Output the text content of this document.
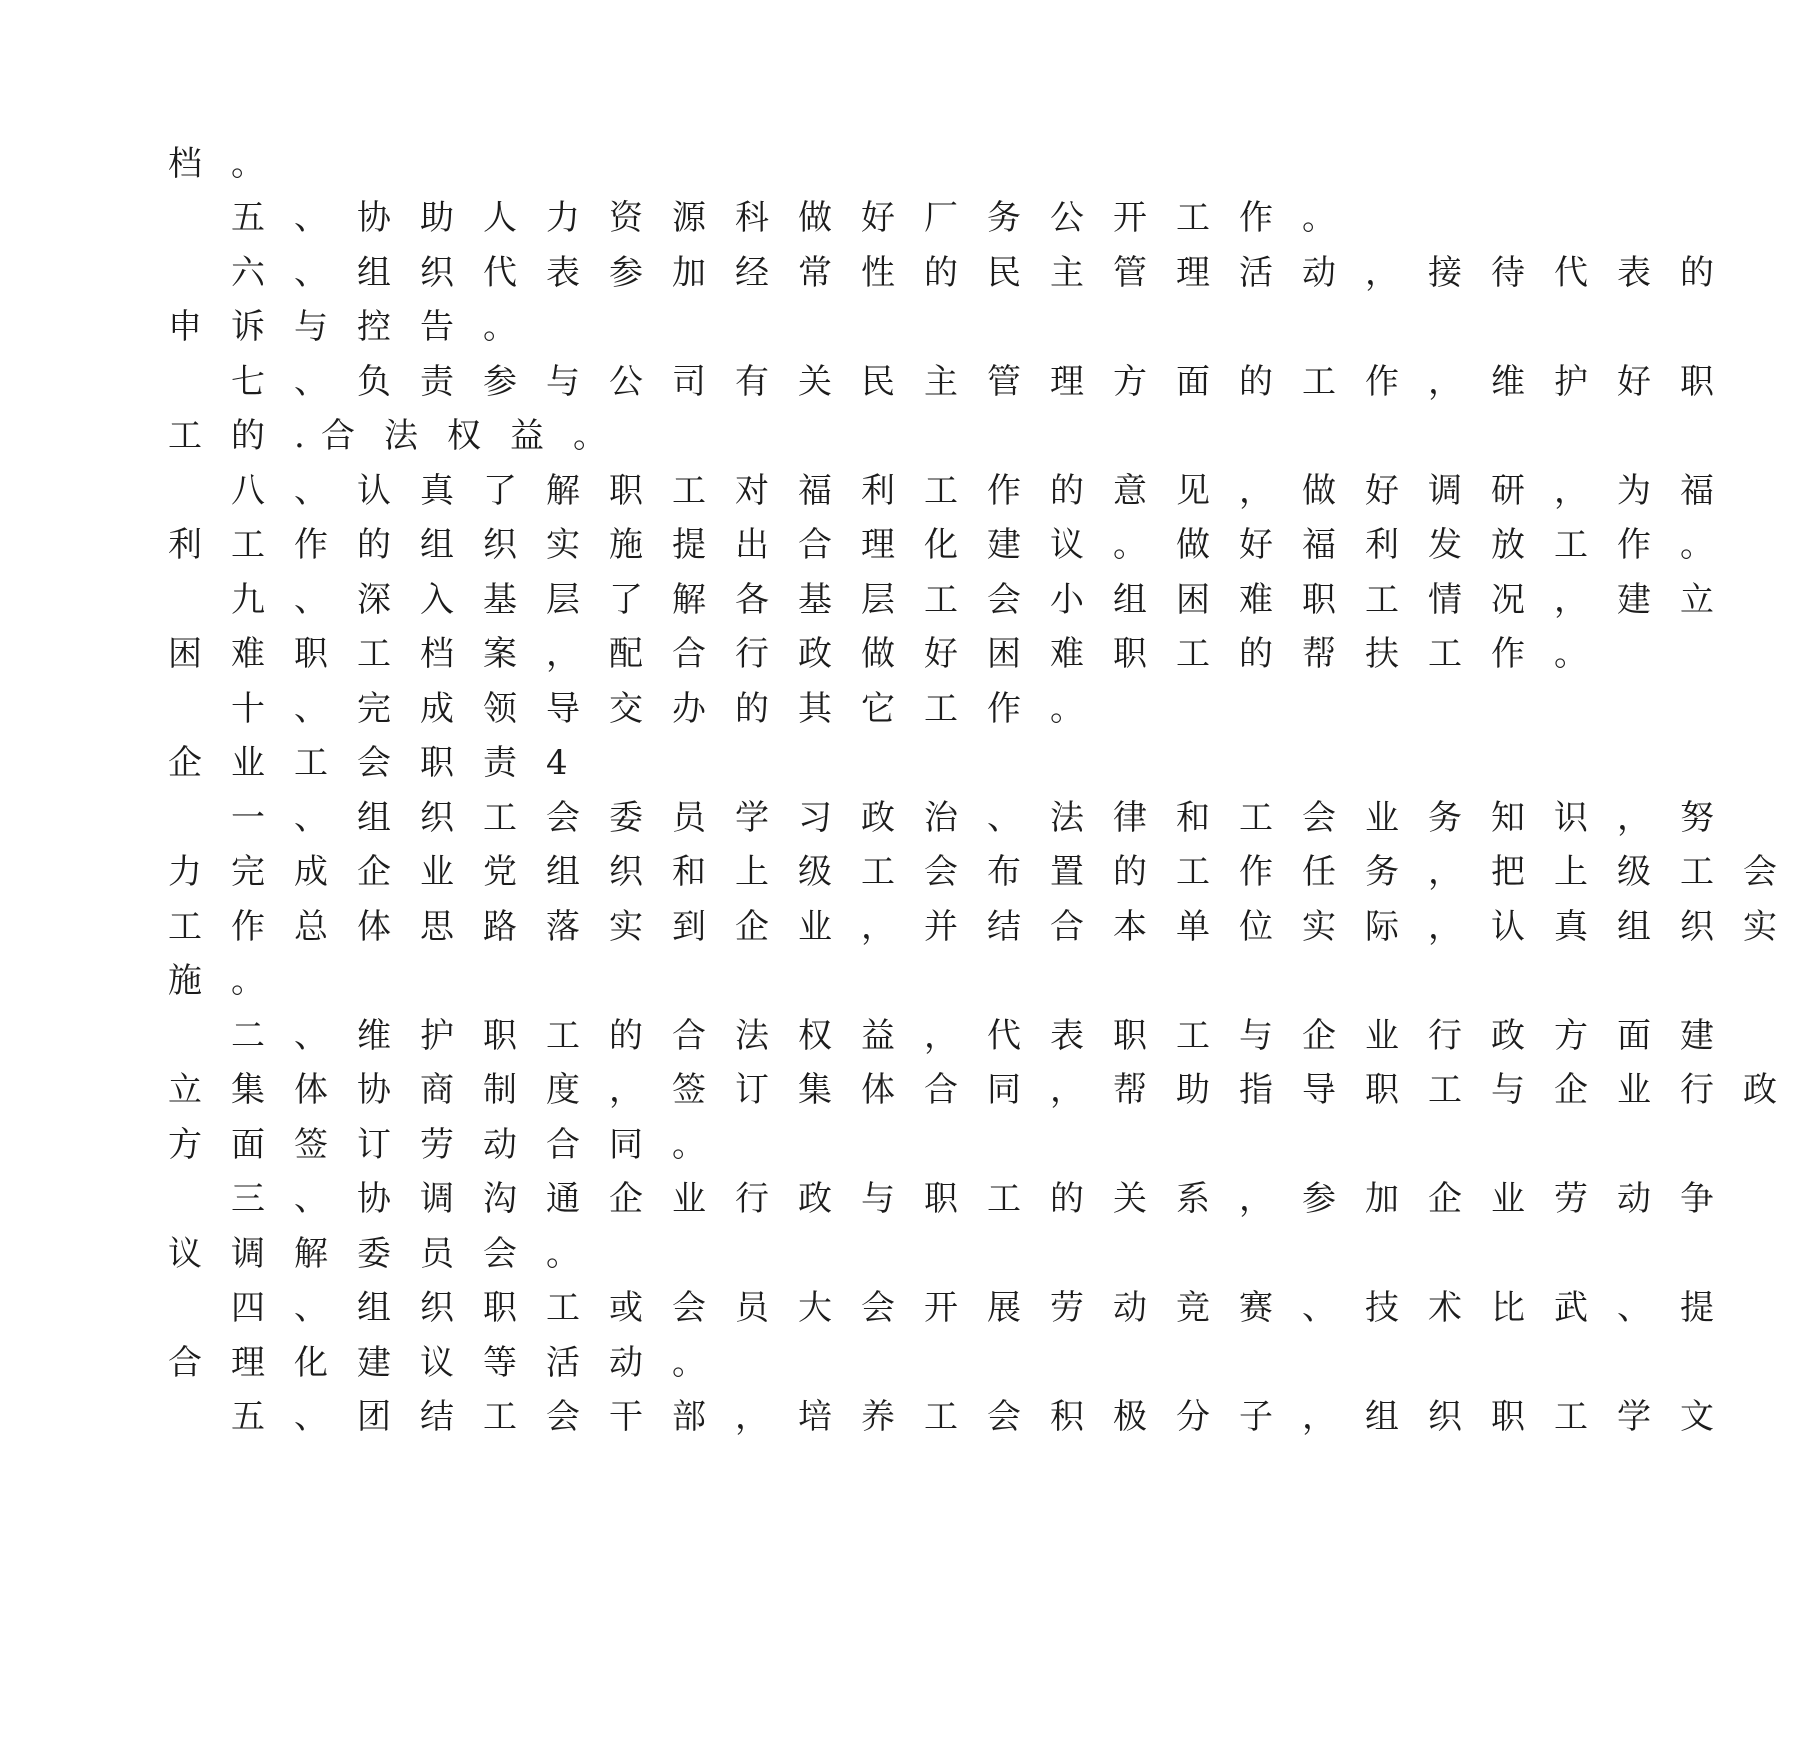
档 。
五 、 协 助 人 力 资 源 科 做 好 厂 务 公 开 工 作 。
六 、 组 织 代 表 参 加 经 常 性 的 民 主 管 理 活 动 ， 接 待 代 表 的
申 诉 与 控 告 。
七 、 负 责 参 与 公 司 有 关 民 主 管 理 方 面 的 工 作 ， 维 护 好 职
工 的 . 合 法 权 益 。
八 、 认 真 了 解 职 工 对 福 利 工 作 的 意 见 ， 做 好 调 研 ， 为 福
利 工 作 的 组 织 实 施 提 出 合 理 化 建 议 。 做 好 福 利 发 放 工 作 。
九 、 深 入 基 层 了 解 各 基 层 工 会 小 组 困 难 职 工 情 况 ， 建 立
困 难 职 工 档 案 ， 配 合 行 政 做 好 困 难 职 工 的 帮 扶 工 作 。
十 、 完 成 领 导 交 办 的 其 它 工 作 。
企 业 工 会 职 责 4
一 、 组 织 工 会 委 员 学 习 政 治 、 法 律 和 工 会 业 务 知 识 ， 努
力 完 成 企 业 党 组 织 和 上 级 工 会 布 置 的 工 作 任 务 ， 把 上 级 工 会
工 作 总 体 思 路 落 实 到 企 业 ， 并 结 合 本 单 位 实 际 ， 认 真 组 织 实
施 。
二 、 维 护 职 工 的 合 法 权 益 ， 代 表 职 工 与 企 业 行 政 方 面 建
立 集 体 协 商 制 度 ， 签 订 集 体 合 同 ， 帮 助 指 导 职 工 与 企 业 行 政
方 面 签 订 劳 动 合 同 。
三 、 协 调 沟 通 企 业 行 政 与 职 工 的 关 系 ， 参 加 企 业 劳 动 争
议 调 解 委 员 会 。
四 、 组 织 职 工 或 会 员 大 会 开 展 劳 动 竞 赛 、 技 术 比 武 、 提
合 理 化 建 议 等 活 动 。
五 、 团 结 工 会 干 部 ， 培 养 工 会 积 极 分 子 ， 组 织 职 工 学 文
